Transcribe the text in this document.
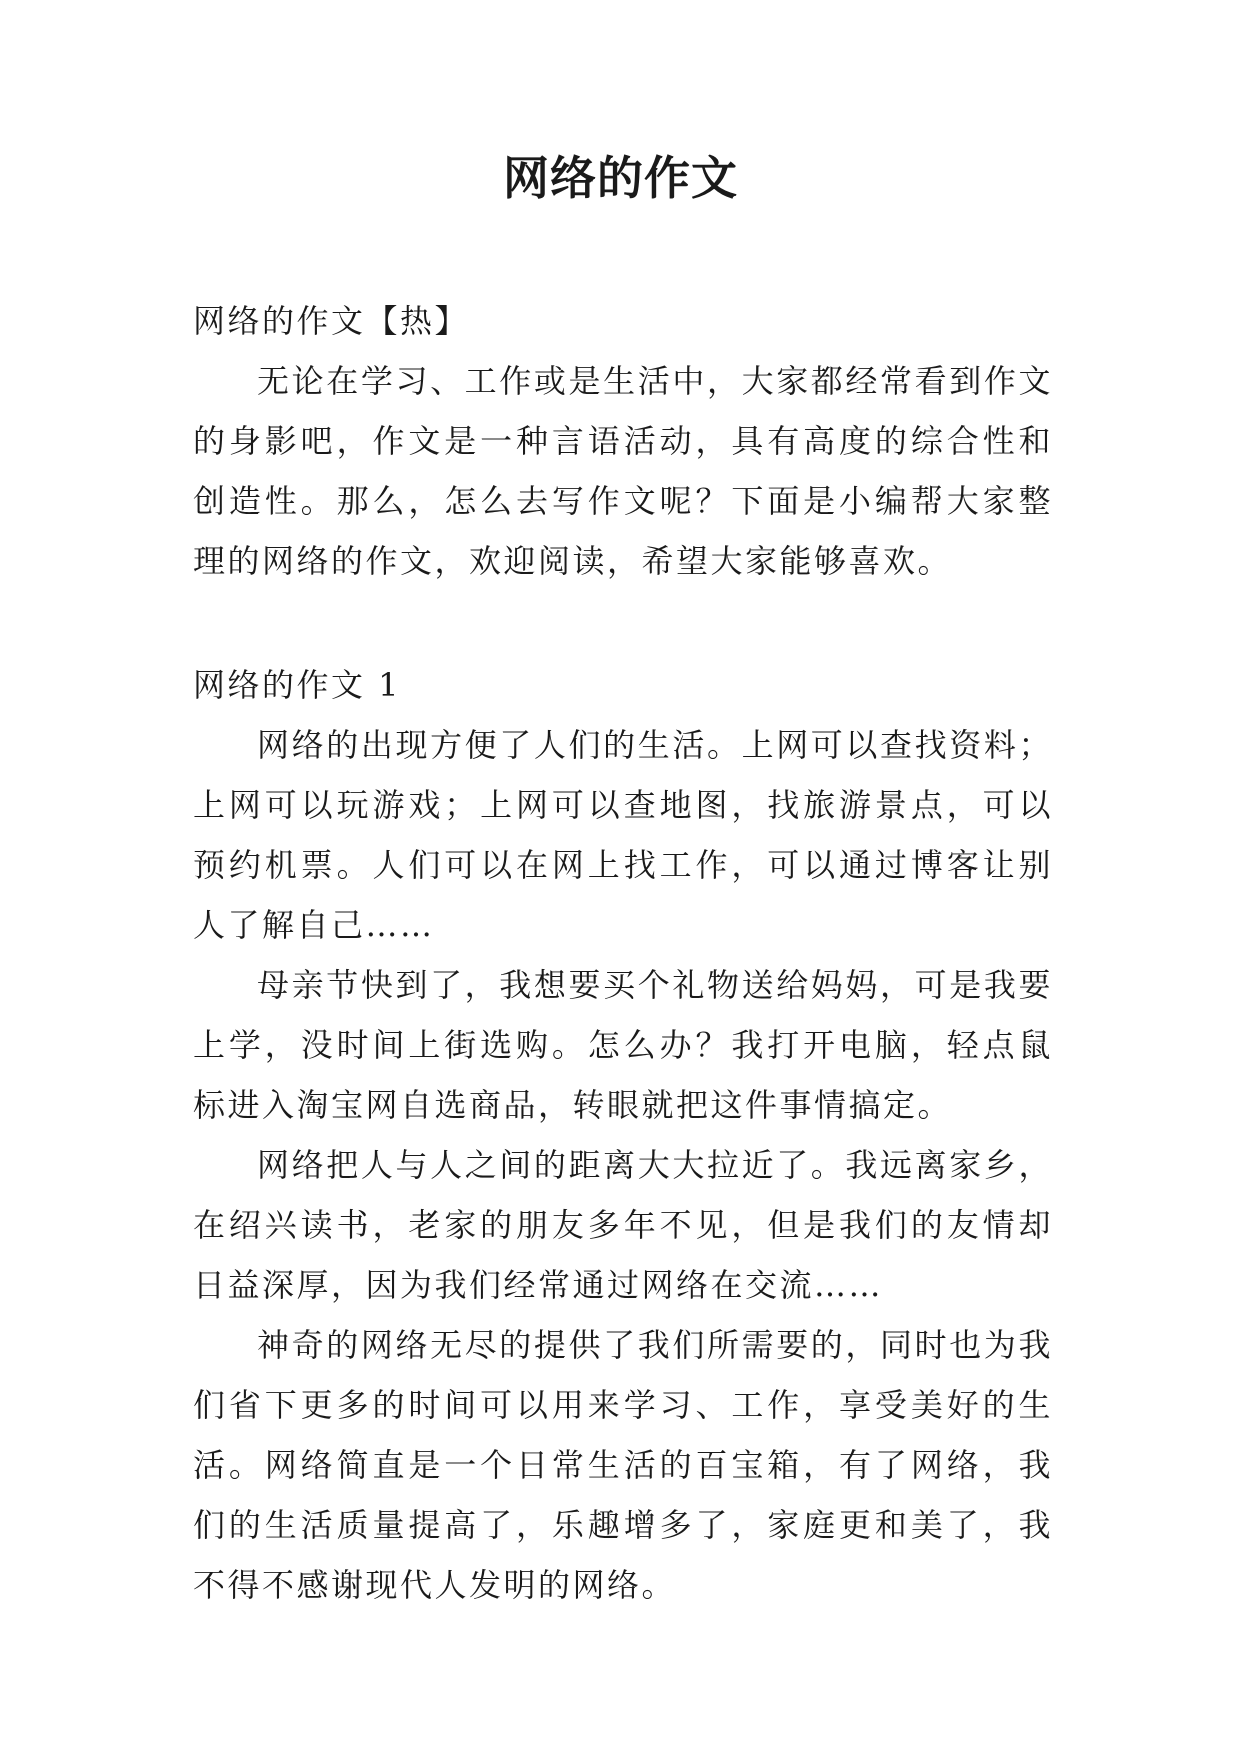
网络的作文

网络的作文【热】

无论在学习、工作或是生活中，大家都经常看到作文的身影吧，作文是一种言语活动，具有高度的综合性和创造性。那么，怎么去写作文呢？下面是小编帮大家整理的网络的作文，欢迎阅读，希望大家能够喜欢。

网络的作文 1

网络的出现方便了人们的生活。上网可以查找资料；上网可以玩游戏；上网可以查地图，找旅游景点，可以预约机票。人们可以在网上找工作，可以通过博客让别人了解自己……

母亲节快到了，我想要买个礼物送给妈妈，可是我要上学，没时间上街选购。怎么办？我打开电脑，轻点鼠标进入淘宝网自选商品，转眼就把这件事情搞定。

网络把人与人之间的距离大大拉近了。我远离家乡，在绍兴读书，老家的朋友多年不见，但是我们的友情却日益深厚，因为我们经常通过网络在交流……

神奇的网络无尽的提供了我们所需要的，同时也为我们省下更多的时间可以用来学习、工作，享受美好的生活。网络简直是一个日常生活的百宝箱，有了网络，我们的生活质量提高了，乐趣增多了，家庭更和美了，我不得不感谢现代人发明的网络。
